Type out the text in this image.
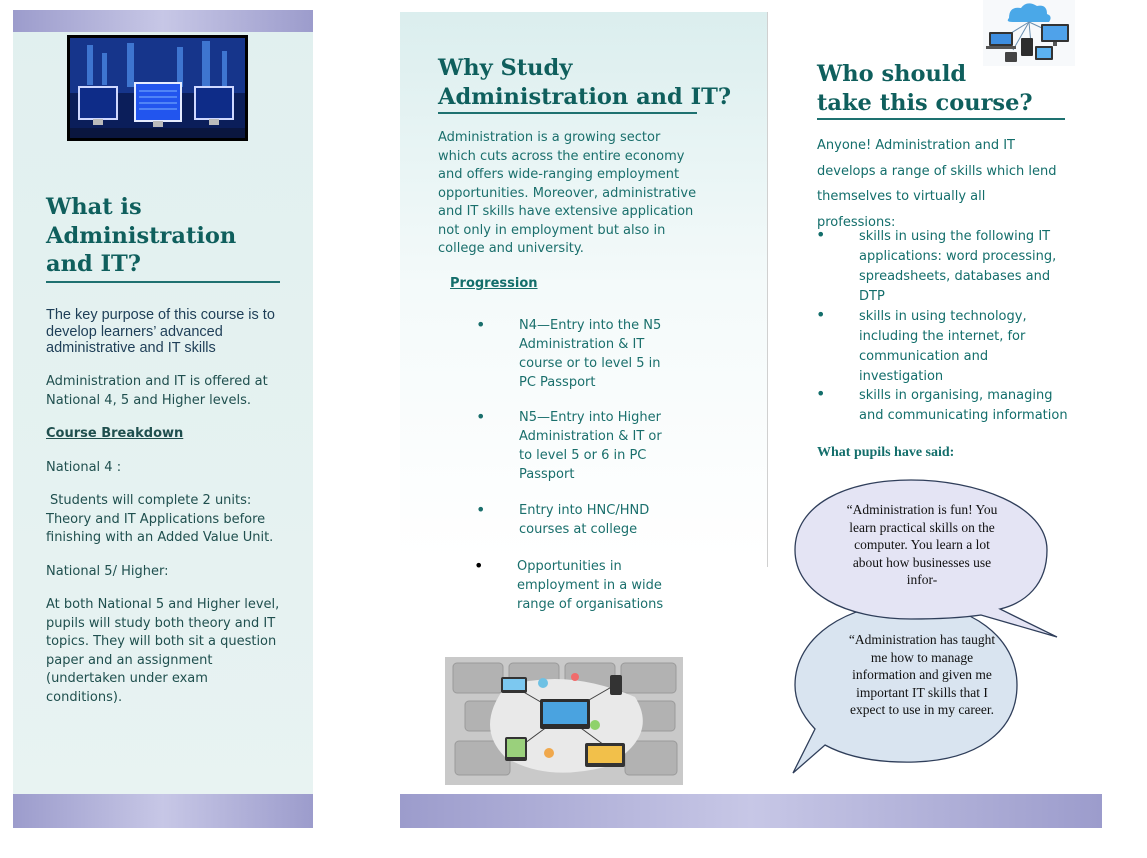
What is Administration and IT?
The key purpose of this course is to develop learners’ advanced administrative and IT skills
Administration and IT is offered at National 4, 5 and Higher levels.
Course Breakdown
National 4 :
Students will complete 2 units: Theory and IT Applications before finishing with an Added Value Unit.
National 5/ Higher:
At both National 5 and Higher level, pupils will study both theory and IT topics. They will both sit a question paper and an assignment (undertaken under exam conditions).
Why Study
Administration and IT?
Administration is a growing sector which cuts across the entire economy and offers wide-ranging employment opportunities. Moreover, administrative and IT skills have extensive application not only in employment but also in college and university.
Progression
•	N4—Entry into the N5 Administration & IT course or to level 5 in PC Passport
•	N5—Entry into Higher Administration & IT or to level 5 or 6 in PC Passport
•	Entry into HNC/HND courses at college
•	Opportunities in employment in a wide range of organisations
Who should
take this course?
Anyone! Administration and IT develops a range of skills which lend themselves to virtually all professions:
•	skills in using the following IT applications: word processing, spreadsheets, databases and DTP
•	skills in using technology, including the internet, for communication and investigation
•	skills in organising, managing and communicating information
What pupils have said:
“Administration is fun! You learn practical skills on the computer. You learn a lot about how businesses use infor-
“Administration has taught me how to manage information and given me important IT skills that I expect to use in my career.
